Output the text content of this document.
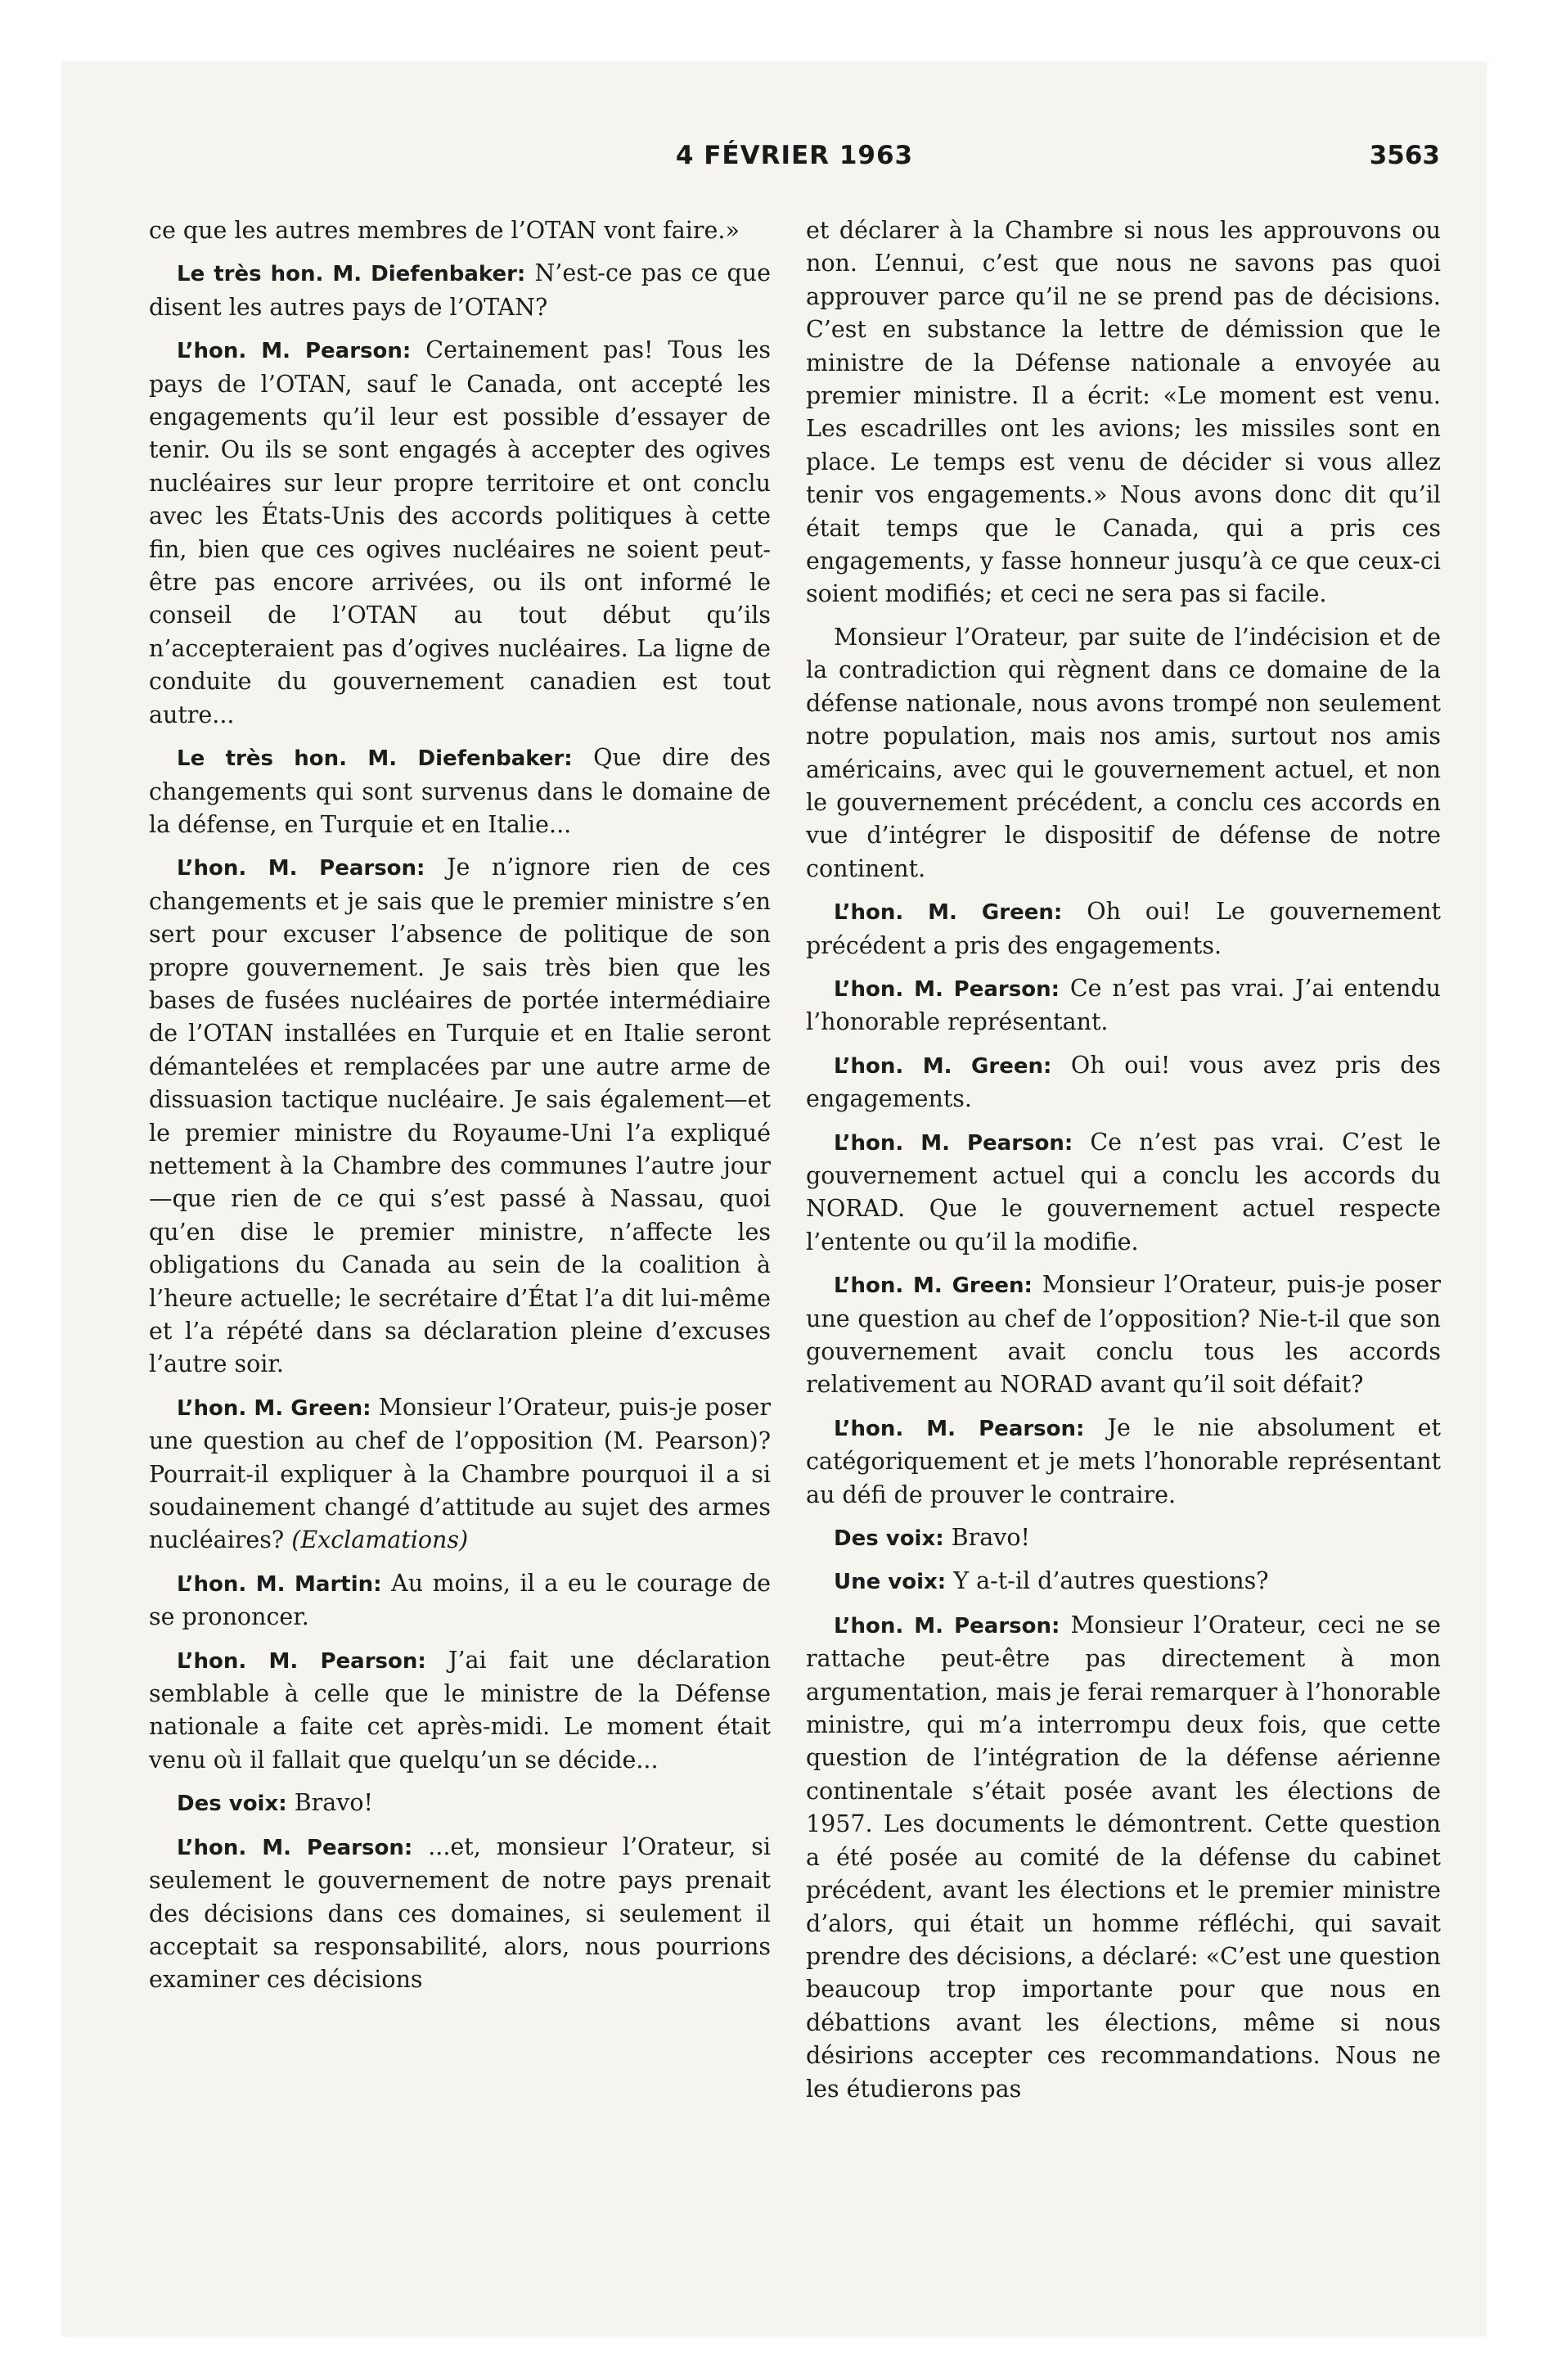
4 FÉVRIER 1963	3563

ce que les autres membres de l’OTAN vont faire.»

Le très hon. M. Diefenbaker: N’est-ce pas ce que disent les autres pays de l’OTAN?

L’hon. M. Pearson: Certainement pas! Tous les pays de l’OTAN, sauf le Canada, ont accepté les engagements qu’il leur est possible d’essayer de tenir. Ou ils se sont engagés à accepter des ogives nucléaires sur leur propre territoire et ont conclu avec les États-Unis des accords politiques à cette fin, bien que ces ogives nucléaires ne soient peut-être pas encore arrivées, ou ils ont informé le conseil de l’OTAN au tout début qu’ils n’accepteraient pas d’ogives nucléaires. La ligne de conduite du gouvernement canadien est tout autre...

Le très hon. M. Diefenbaker: Que dire des changements qui sont survenus dans le domaine de la défense, en Turquie et en Italie...

L’hon. M. Pearson: Je n’ignore rien de ces changements et je sais que le premier ministre s’en sert pour excuser l’absence de politique de son propre gouvernement. Je sais très bien que les bases de fusées nucléaires de portée intermédiaire de l’OTAN installées en Turquie et en Italie seront démantelées et remplacées par une autre arme de dissuasion tactique nucléaire. Je sais également—et le premier ministre du Royaume-Uni l’a expliqué nettement à la Chambre des communes l’autre jour—que rien de ce qui s’est passé à Nassau, quoi qu’en dise le premier ministre, n’affecte les obligations du Canada au sein de la coalition à l’heure actuelle; le secrétaire d’État l’a dit lui-même et l’a répété dans sa déclaration pleine d’excuses l’autre soir.

L’hon. M. Green: Monsieur l’Orateur, puis-je poser une question au chef de l’opposition (M. Pearson)? Pourrait-il expliquer à la Chambre pourquoi il a si soudainement changé d’attitude au sujet des armes nucléaires? (Exclamations)

L’hon. M. Martin: Au moins, il a eu le courage de se prononcer.

L’hon. M. Pearson: J’ai fait une déclaration semblable à celle que le ministre de la Défense nationale a faite cet après-midi. Le moment était venu où il fallait que quelqu’un se décide...

Des voix: Bravo!

L’hon. M. Pearson: ...et, monsieur l’Orateur, si seulement le gouvernement de notre pays prenait des décisions dans ces domaines, si seulement il acceptait sa responsabilité, alors, nous pourrions examiner ces décisions

et déclarer à la Chambre si nous les approuvons ou non. L’ennui, c’est que nous ne savons pas quoi approuver parce qu’il ne se prend pas de décisions. C’est en substance la lettre de démission que le ministre de la Défense nationale a envoyée au premier ministre. Il a écrit: «Le moment est venu. Les escadrilles ont les avions; les missiles sont en place. Le temps est venu de décider si vous allez tenir vos engagements.» Nous avons donc dit qu’il était temps que le Canada, qui a pris ces engagements, y fasse honneur jusqu’à ce que ceux-ci soient modifiés; et ceci ne sera pas si facile.

Monsieur l’Orateur, par suite de l’indécision et de la contradiction qui règnent dans ce domaine de la défense nationale, nous avons trompé non seulement notre population, mais nos amis, surtout nos amis américains, avec qui le gouvernement actuel, et non le gouvernement précédent, a conclu ces accords en vue d’intégrer le dispositif de défense de notre continent.

L’hon. M. Green: Oh oui! Le gouvernement précédent a pris des engagements.

L’hon. M. Pearson: Ce n’est pas vrai. J’ai entendu l’honorable représentant.

L’hon. M. Green: Oh oui! vous avez pris des engagements.

L’hon. M. Pearson: Ce n’est pas vrai. C’est le gouvernement actuel qui a conclu les accords du NORAD. Que le gouvernement actuel respecte l’entente ou qu’il la modifie.

L’hon. M. Green: Monsieur l’Orateur, puis-je poser une question au chef de l’opposition? Nie-t-il que son gouvernement avait conclu tous les accords relativement au NORAD avant qu’il soit défait?

L’hon. M. Pearson: Je le nie absolument et catégoriquement et je mets l’honorable représentant au défi de prouver le contraire.

Des voix: Bravo!

Une voix: Y a-t-il d’autres questions?

L’hon. M. Pearson: Monsieur l’Orateur, ceci ne se rattache peut-être pas directement à mon argumentation, mais je ferai remarquer à l’honorable ministre, qui m’a interrompu deux fois, que cette question de l’intégration de la défense aérienne continentale s’était posée avant les élections de 1957. Les documents le démontrent. Cette question a été posée au comité de la défense du cabinet précédent, avant les élections et le premier ministre d’alors, qui était un homme réfléchi, qui savait prendre des décisions, a déclaré: «C’est une question beaucoup trop importante pour que nous en débattions avant les élections, même si nous désirions accepter ces recommandations. Nous ne les étudierons pas
